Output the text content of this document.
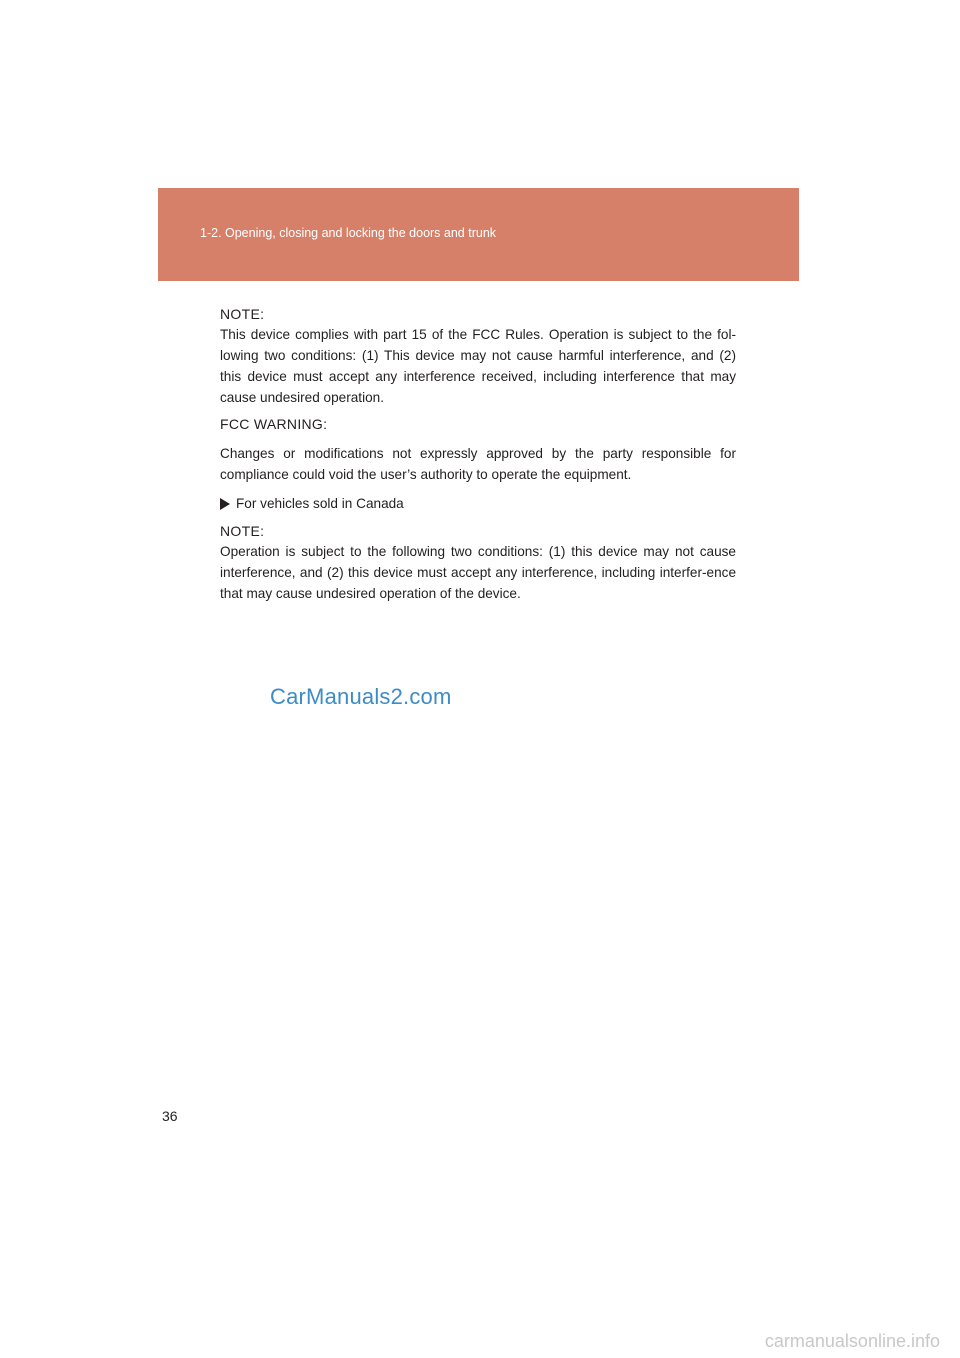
1-2. Opening, closing and locking the doors and trunk
NOTE:
This device complies with part 15 of the FCC Rules. Operation is subject to the fol-lowing two conditions: (1) This device may not cause harmful interference, and (2) this device must accept any interference received, including interference that may cause undesired operation.
FCC WARNING:
Changes or modifications not expressly approved by the party responsible for compliance could void the user’s authority to operate the equipment.
For vehicles sold in Canada
NOTE:
Operation is subject to the following two conditions: (1) this device may not cause interference, and (2) this device must accept any interference, including interfer-ence that may cause undesired operation of the device.
CarManuals2.com
36
carmanualsonline.info
